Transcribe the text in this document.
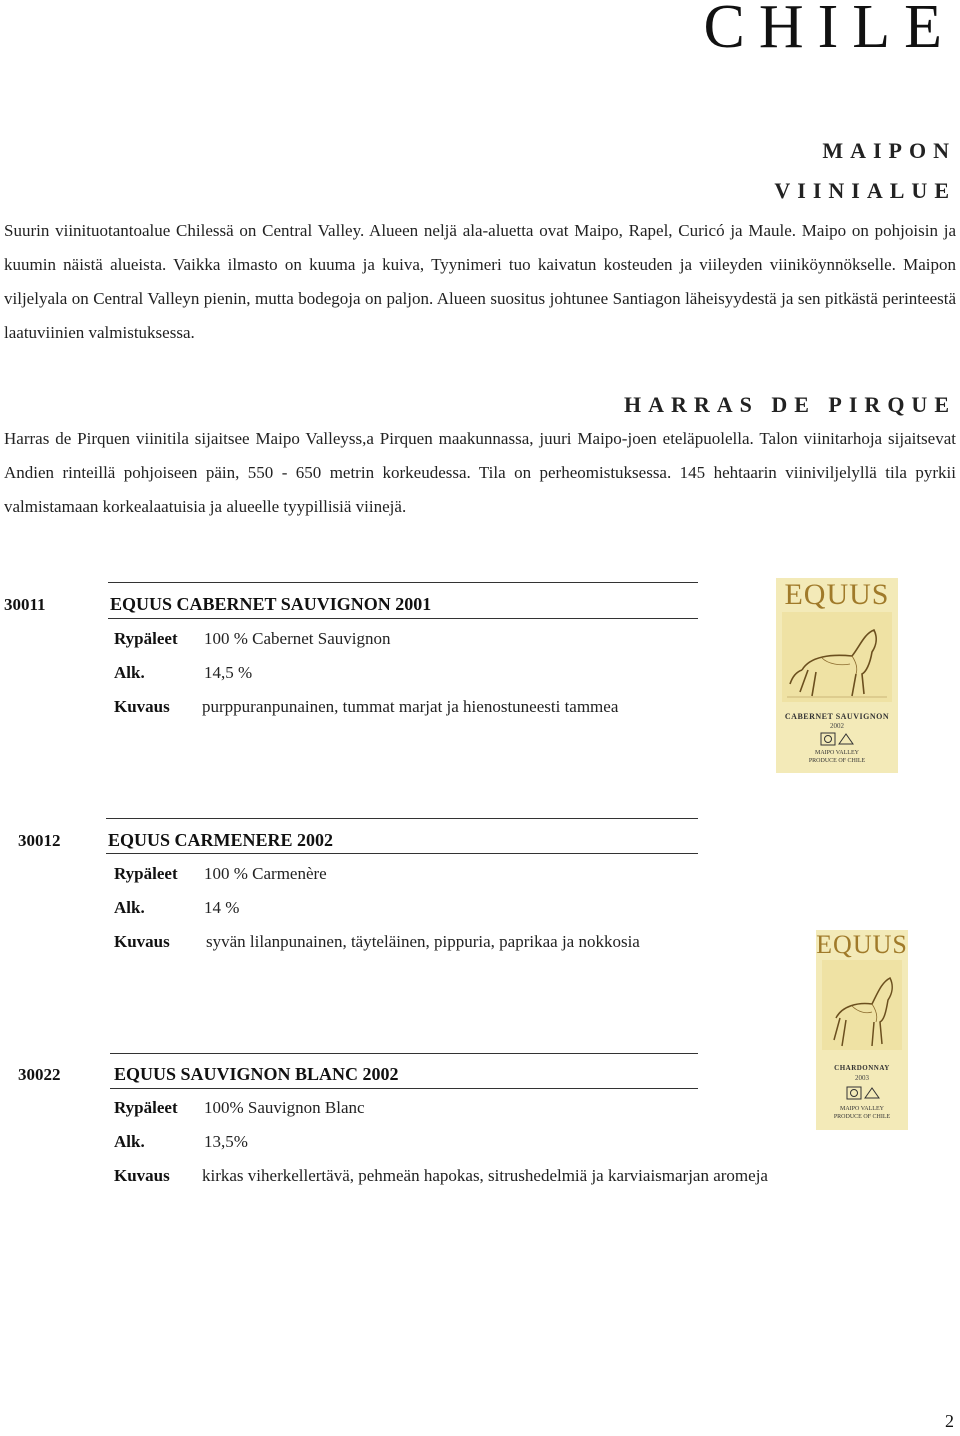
CHILE
MAIPON
VIINIALUE
Suurin viinituotantoalue Chilessä on Central Valley. Alueen neljä ala-aluetta ovat Maipo, Rapel, Curicó ja Maule. Maipo on pohjoisin ja kuumin näistä alueista. Vaikka ilmasto on kuuma ja kuiva, Tyynimeri tuo kaivatun kosteuden ja viileyden viiniköynnökselle. Maipon viljelyala on Central Valleyn pienin, mutta bodegoja on paljon. Alueen suositus johtunee Santiagon läheisyydestä ja sen pitkästä perinteestä laatuviinien valmistuksessa.
HARRAS DE PIRQUE
Harras de Pirquen viinitila sijaitsee Maipo Valleyss,a Pirquen maakunnassa, juuri Maipo-joen eteläpuolella. Talon viinitarhoja sijaitsevat Andien rinteillä pohjoiseen päin, 550 - 650 metrin korkeudessa. Tila on perheomistuksessa. 145 hehtaarin viiniviljelyllä tila pyrkii valmistamaan korkealaatuisia ja alueelle tyypillisiä viinejä.
30011	EQUUS CABERNET SAUVIGNON 2001
Rypäleet 100 % Cabernet Sauvignon
Alk.	14,5 %
Kuvaus purppuranpunainen, tummat marjat ja hienostuneesti tammea
30012	EQUUS CARMENERE 2002
Rypäleet 100 % Carmenère
Alk.	14 %
Kuvaus syvän lilanpunainen, täyteläinen, pippuria, paprikaa ja nokkosia
30022	EQUUS SAUVIGNON BLANC 2002
Rypäleet 100% Sauvignon Blanc
Alk.	13,5%
Kuvaus kirkas viherkellertävä, pehmeän hapokas, sitrushedelmiä ja karviaismarjan aromeja
EQUUS
CABERNET SAUVIGNON
2002
MAIPO VALLEY
PRODUCE OF CHILE
EQUUS
CHARDONNAY
2003
MAIPO VALLEY
PRODUCE OF CHILE
2
